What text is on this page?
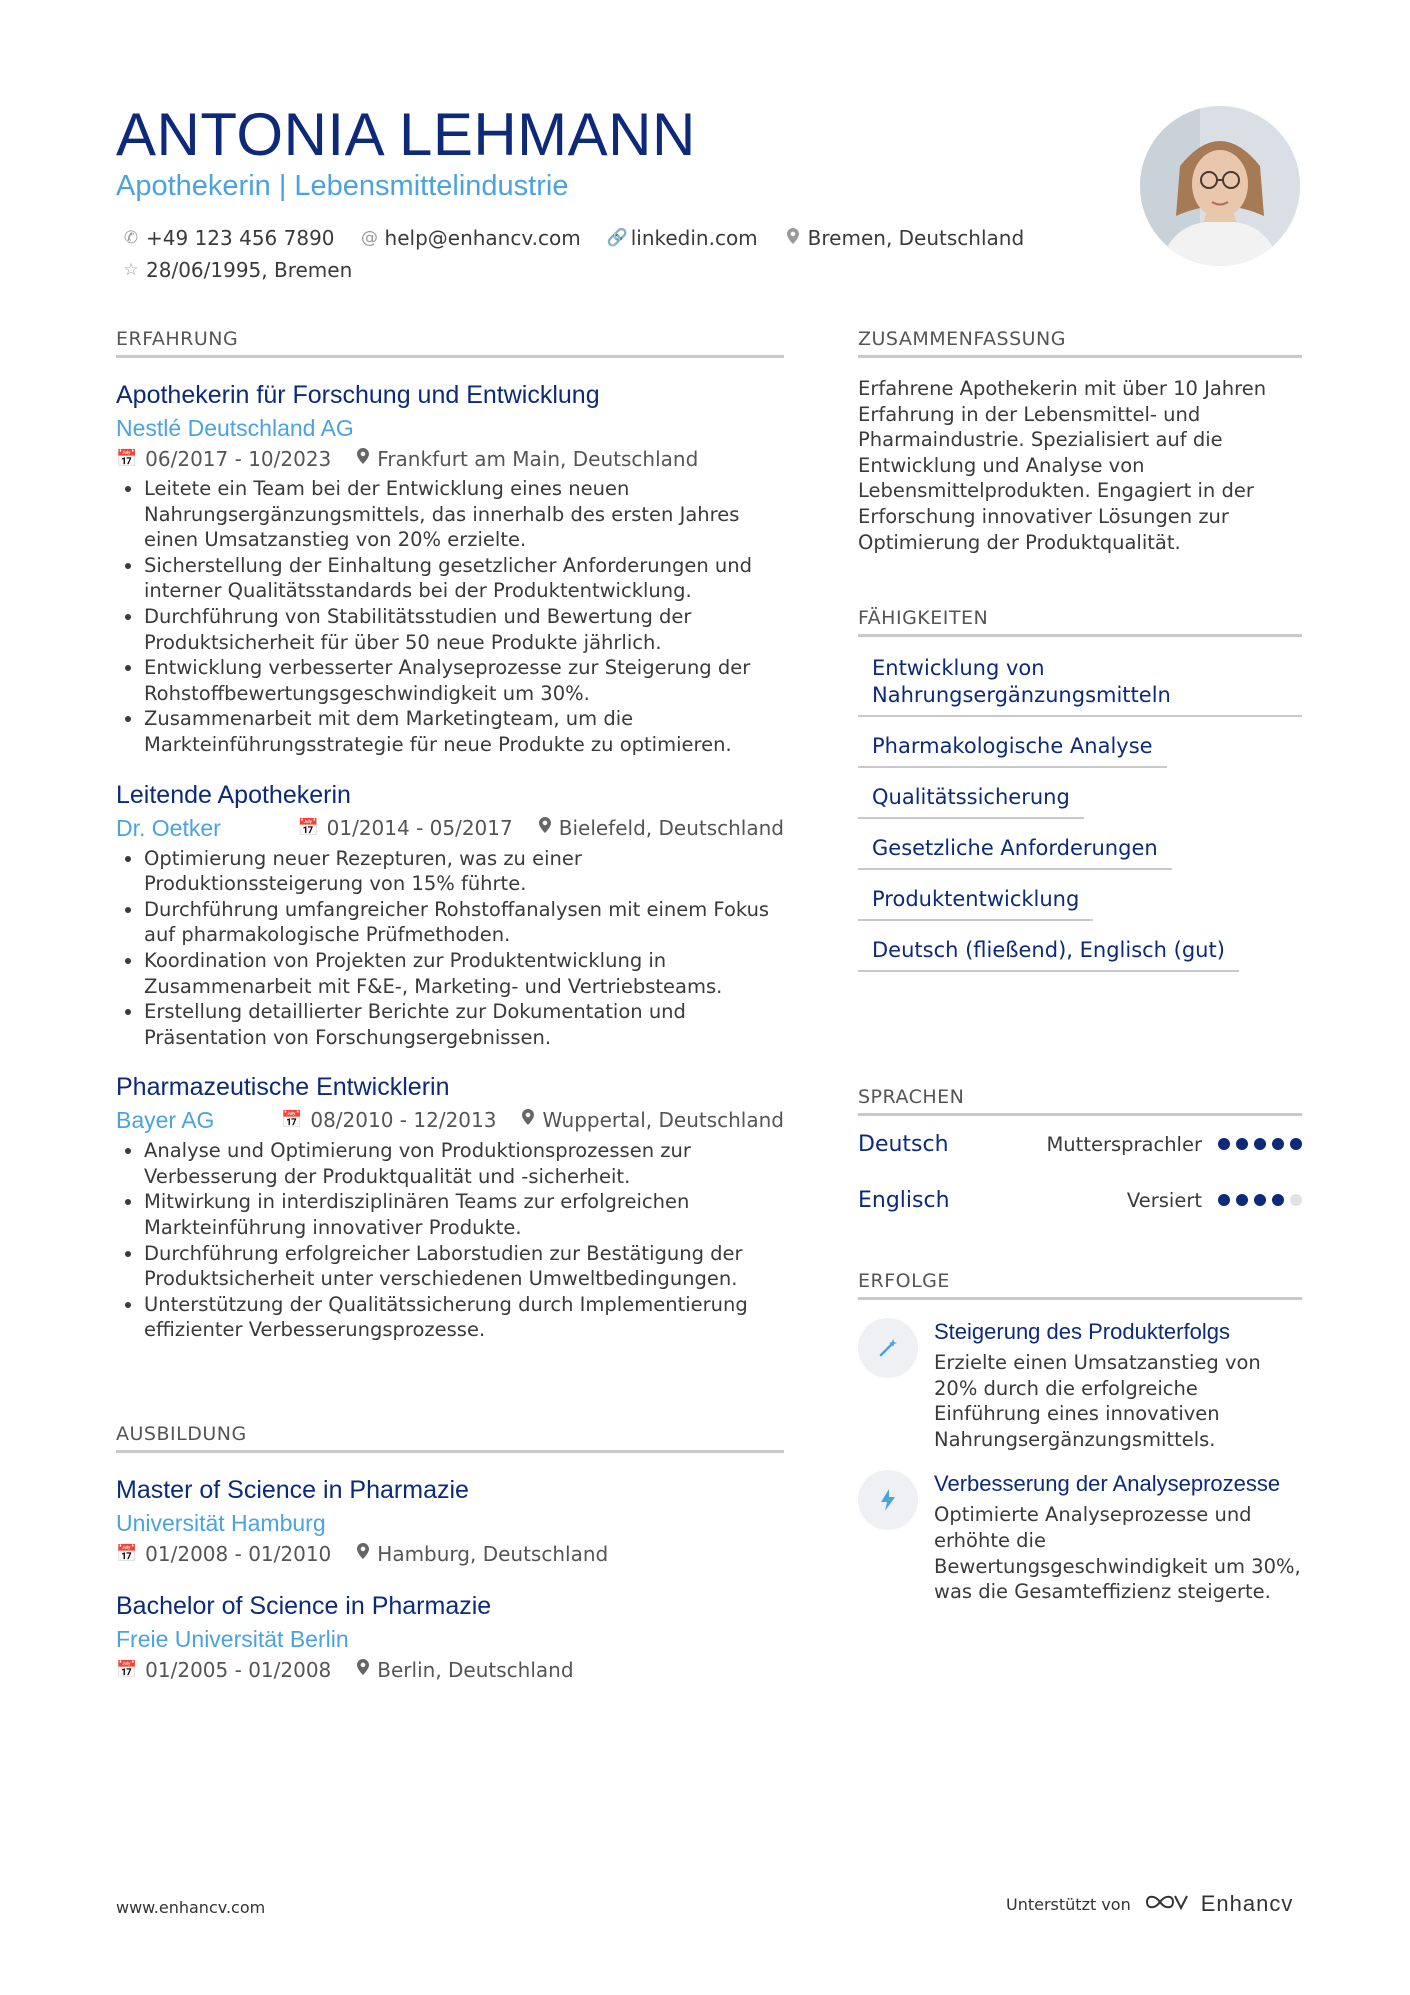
ANTONIA LEHMANN
Apothekerin | Lebensmittelindustrie
✆ +49 123 456 7890 @ help@enhancv.com 🔗 linkedin.com	Bremen, Deutschland
☆ 28/06/1995, Bremen
ERFAHRUNG
Apothekerin für Forschung und Entwicklung
Nestlé Deutschland AG
📅 06/2017 - 10/2023 Frankfurt am Main, Deutschland
• Leitete ein Team bei der Entwicklung eines neuen Nahrungsergänzungsmittels, das innerhalb des ersten Jahres einen Umsatzanstieg von 20% erzielte.
• Sicherstellung der Einhaltung gesetzlicher Anforderungen und interner Qualitätsstandards bei der Produktentwicklung.
• Durchführung von Stabilitätsstudien und Bewertung der Produktsicherheit für über 50 neue Produkte jährlich.
• Entwicklung verbesserter Analyseprozesse zur Steigerung der Rohstoffbewertungsgeschwindigkeit um 30%.
• Zusammenarbeit mit dem Marketingteam, um die Markteinführungsstrategie für neue Produkte zu optimieren.
Leitende Apothekerin
Dr. Oetker	📅 01/2014 - 05/2017 Bielefeld, Deutschland
• Optimierung neuer Rezepturen, was zu einer Produktionssteigerung von 15% führte.
• Durchführung umfangreicher Rohstoffanalysen mit einem Fokus auf pharmakologische Prüfmethoden.
• Koordination von Projekten zur Produktentwicklung in Zusammenarbeit mit F&E-, Marketing- und Vertriebsteams.
• Erstellung detaillierter Berichte zur Dokumentation und Präsentation von Forschungsergebnissen.
Pharmazeutische Entwicklerin
Bayer AG	📅 08/2010 - 12/2013 Wuppertal, Deutschland
• Analyse und Optimierung von Produktionsprozessen zur Verbesserung der Produktqualität und -sicherheit.
• Mitwirkung in interdisziplinären Teams zur erfolgreichen Markteinführung innovativer Produkte.
• Durchführung erfolgreicher Laborstudien zur Bestätigung der Produktsicherheit unter verschiedenen Umweltbedingungen.
• Unterstützung der Qualitätssicherung durch Implementierung effizienter Verbesserungsprozesse.
AUSBILDUNG
Master of Science in Pharmazie
Universität Hamburg
📅 01/2008 - 01/2010 Hamburg, Deutschland
Bachelor of Science in Pharmazie
Freie Universität Berlin
📅 01/2005 - 01/2008 Berlin, Deutschland
ZUSAMMENFASSUNG
Erfahrene Apothekerin mit über 10 Jahren Erfahrung in der Lebensmittel- und Pharmaindustrie. Spezialisiert auf die Entwicklung und Analyse von Lebensmittelprodukten. Engagiert in der Erforschung innovativer Lösungen zur Optimierung der Produktqualität.
FÄHIGKEITEN
Entwicklung von Nahrungsergänzungsmitteln
Pharmakologische Analyse
Qualitätssicherung
Gesetzliche Anforderungen
Produktentwicklung
Deutsch (fließend), Englisch (gut)
SPRACHEN
Deutsch	Muttersprachler
Englisch	Versiert
ERFOLGE
Steigerung des Produkterfolgs
Erzielte einen Umsatzanstieg von 20% durch die erfolgreiche Einführung eines innovativen Nahrungsergänzungsmittels.
Verbesserung der Analyseprozesse
Optimierte Analyseprozesse und erhöhte die Bewertungsgeschwindigkeit um 30%, was die Gesamteffizienz steigerte.
www.enhancv.com	Unterstützt von	Enhancv
